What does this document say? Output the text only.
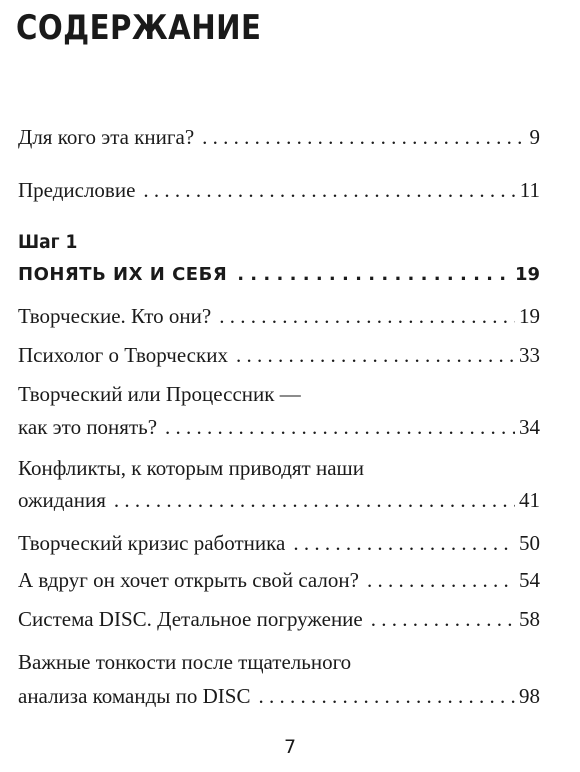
СОДЕРЖАНИЕ
Для кого эта книга? . . .	9
Предисловие . . .	11
Шаг 1
ПОНЯТЬ ИХ И СЕБЯ . . .	19
Творческие. Кто они? . . .	19
Психолог о Творческих . . .	33
Творческий или Процессник —
как это понять? . . .	34
Конфликты, к которым приводят наши
ожидания . . .	41
Творческий кризис работника . . .	50
А вдруг он хочет открыть свой салон? . . .	54
Система DISC. Детальное погружение . . .	58
Важные тонкости после тщательного
анализа команды по DISC . . .	98
7
